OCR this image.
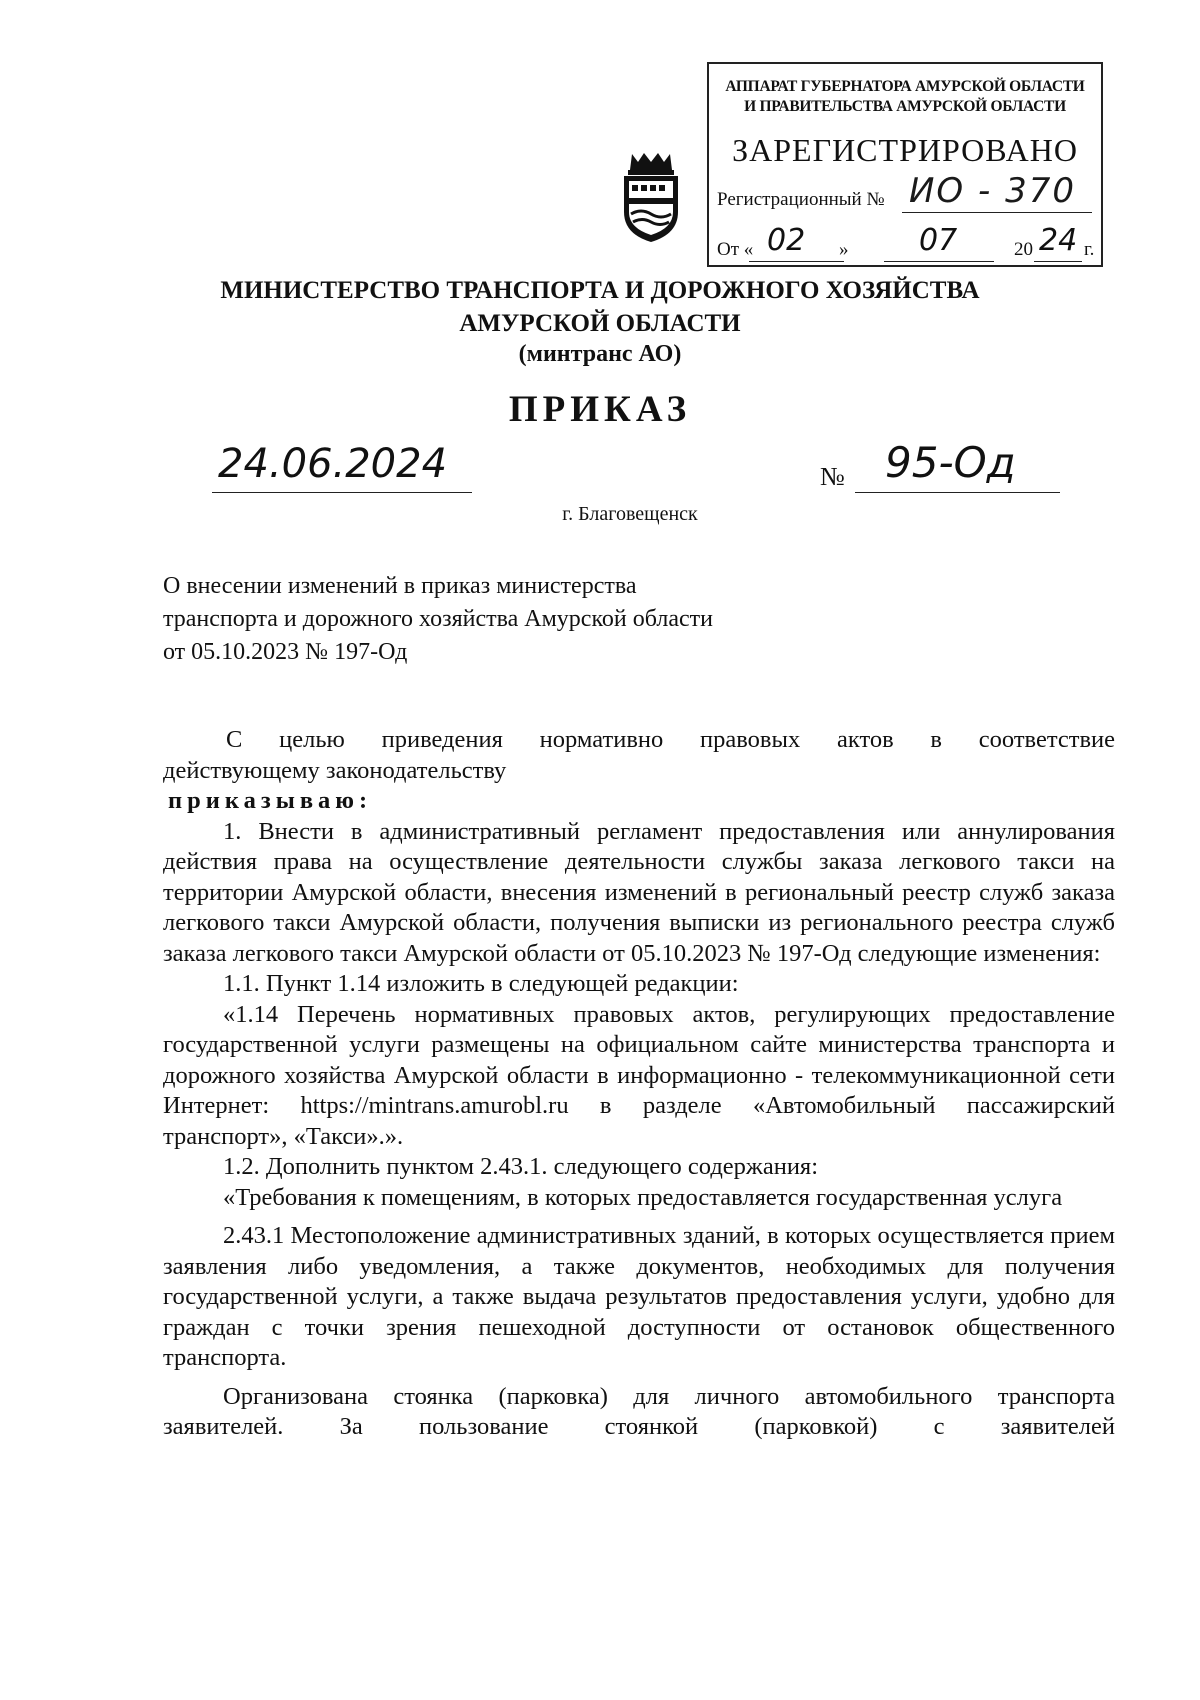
АППАРАТ ГУБЕРНАТОРА АМУРСКОЙ ОБЛАСТИ
И ПРАВИТЕЛЬСТВА АМУРСКОЙ ОБЛАСТИ
ЗАРЕГИСТРИРОВАНО
Регистрационный № ИО - 370
От « 02 » 07	20 24 г.
МИНИСТЕРСТВО ТРАНСПОРТА И ДОРОЖНОГО ХОЗЯЙСТВА АМУРСКОЙ ОБЛАСТИ
(минтранс АО)
ПРИКАЗ
24.06.2024	№ 95-Од
г. Благовещенск
О внесении изменений в приказ министерства транспорта и дорожного хозяйства Амурской области от 05.10.2023 № 197-Од

С целью приведения нормативно правовых актов в соответствие

действующему законодательству

приказываю:

1. Внести в административный регламент предоставления или аннулирования действия права на осуществление деятельности службы заказа легкового такси на территории Амурской области, внесения изменений в региональный реестр служб заказа легкового такси Амурской области, получения выписки из регионального реестра служб заказа легкового такси Амурской области от 05.10.2023 № 197-Од следующие изменения:

1.1. Пункт 1.14 изложить в следующей редакции:

«1.14 Перечень нормативных правовых актов, регулирующих предоставление государственной услуги размещены на официальном сайте министерства транспорта и дорожного хозяйства Амурской области в информационно - телекоммуникационной сети Интернет: https://mintrans.amurobl.ru в разделе «Автомобильный пассажирский транспорт», «Такси».».

1.2. Дополнить пунктом 2.43.1. следующего содержания:

«Требования к помещениям, в которых предоставляется государственная услуга

2.43.1 Местоположение административных зданий, в которых осуществляется прием заявления либо уведомления, а также документов, необходимых для получения государственной услуги, а также выдача результатов предоставления услуги, удобно для граждан с точки зрения пешеходной доступности от остановок общественного транспорта.

Организована стоянка (парковка) для личного автомобильного транспорта заявителей. За пользование стоянкой (парковкой) с заявителей
